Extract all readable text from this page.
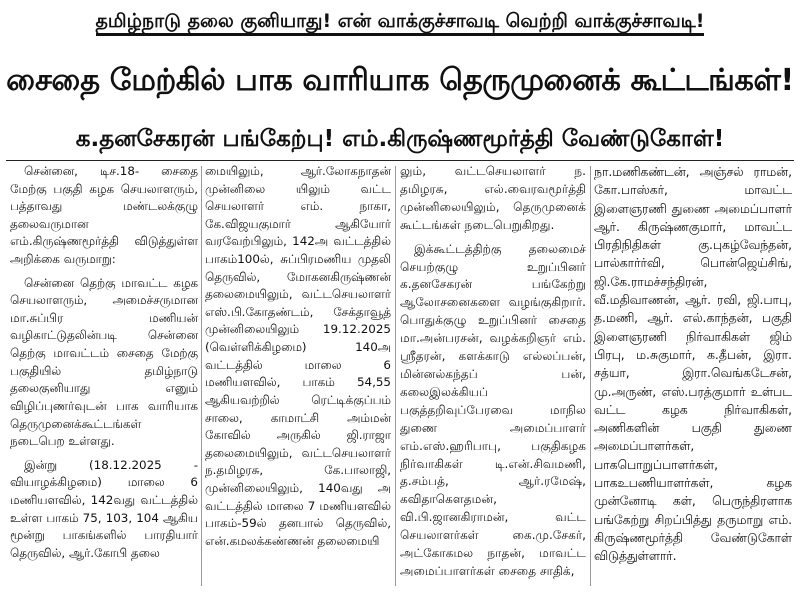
தமிழ்நாடு தலை குனியாது! என் வாக்குச்சாவடி வெற்றி வாக்குச்சாவடி!
சைதை மேற்கில் பாக வாரியாக தெருமுனைக் கூட்டங்கள்!
க.தனசேகரன் பங்கேற்பு! எம்.கிருஷ்ணமூர்த்தி வேண்டுகோள்!

சென்னை, டிச.18- சைதை மேற்கு பகுதி கழக செயலாளரும், பத்தாவது மண்டலக்குழு தலைவருமான எம்.கிருஷ்ணமூர்த்தி விடுத்துள்ள அறிக்கை வருமாறு:

சென்னை தெற்கு மாவட்ட கழக செயலாளரும், அமைச்சருமான மா.சுப்பிர மணியன் வழிகாட்டுதலின்படி சென்னை தெற்கு மாவட்டம் சைதை மேற்கு பகுதியில் தமிழ்நாடு தலைகுனியாது எனும் விழிப்புணர்வுடன் பாக வாரியாக தெருமுனைக்கூட்டங்கள் நடைபெற உள்ளது.

இன்று (18.12.2025 - வியாழக்கிழமை) மாலை 6 மணியளவில், 142வது வட்டத்தில் உள்ள பாகம் 75, 103, 104 ஆகிய மூன்று பாகங்களில் பாரதியார் தெருவில், ஆர்.கோபி தலை

மையிலும், ஆர்.லோகநாதன் முன்னிலை யிலும் வட்ட செயலாளர் எம். நாகா, கே.விஜயகுமார் ஆகியோர் வரவேற்பிலும், 142அ வட்டத்தில் பாகம்100ல், சுப்பிரமணிய முதலி தெருவில், மோகனகிருஷ்ணன் தலைமையிலும், வட்டசெயலாளர் எஸ்.பி.கோதண்டம், சேக்தாவூத் முன்னிலையிலும் 19.12.2025 (வெள்ளிக்கிழமை) 140அ வட்டத்தில் மாலை 6 மணியளவில், பாகம் 54,55 ஆகியவற்றில் ரெட்டிக்குப்பம் சாலை, காமாட்சி அம்மன் கோவில் அருகில் ஜி.ராஜா தலைமையிலும், வட்டசெயலாளர் ந.தமிழரசு, கே.பாலாஜி, முன்னிலையிலும், 140வது அ வட்டத்தில் மாலை 7 மணியளவில் பாகம்-59ல் தனபால் தெருவில், என்.கமலக்கண்ணன் தலைமையி

லும், வட்டசெயலாளர் ந. தமிழரசு, எல்.வைரவமூர்த்தி முன்னிலையிலும், தெருமுனைக் கூட்டங்கள் நடைபெறுகிறது.

இக்கூட்டத்திற்கு தலைமைச் செயற்குழு உறுப்பினர் க.தனசேகரன் பங்கேற்று ஆலோசனைகளை வழங்குகிறார். பொதுக்குழு உறுப்பினர் சைதை மா.அன்பரசன், வழக்கறிஞர் எம். ஸ்ரீதரன், களக்காடு எல்லப்பன், மின்னல்கந்தப் பன், கலைஇலக்கியப் பகுத்தறிவுப்பேரவை மாநில துணை அமைப்பாளர் எம்.எஸ்.ஹரிபாபு, பகுதிகழக நிர்வாகிகள் டி.என்.சிவமணி, த.சம்பத், ஆர்.ரமேஷ், கவிதாகௌதமன், வி.பி.ஜானகிராமன், வட்ட செயலாளர்கள் கை.மு.சேகர், அட்கோகமல நாதன், மாவட்ட அமைப்பாளர்கள் சைதை சாதிக்,

நா.மணிகண்டன், அஞ்சல் ராமன், கோ.பாஸ்கர், மாவட்ட இளைஞரணி துணை அமைப்பாளர் ஆர். கிருஷ்ணகுமார், மாவட்ட பிரதிநிதிகள் கு.புகழ்வேந்தன், பால்கார்ர்வி, பொன்ஜெய்சிங், ஜி.கே.ராமச்சந்திரன், வீ.மதிவாணன், ஆர். ரவி, ஜி.பாபு, த.மணி, ஆர். எல்.காந்தன், பகுதி இளைஞரணி நிர்வாகிகள் ஜிம் பிரபு, ம.சுகுமார், க.தீபன், இரா. சத்யா, இரா.வெங்கடேசன், மு.அருண், எஸ்.பரத்குமார் உள்பட வட்ட கழக நிர்வாகிகள், அணிகளின் பகுதி துணை அமைப்பாளர்கள், பாகபொறுப்பாளர்கள், பாகஉபணியாளர்கள், கழக முன்னோடி கள், பெருந்திரளாக பங்கேற்று சிறப்பித்து தருமாறு எம். கிருஷ்ணமூர்த்தி வேண்டுகோள் விடுத்துள்ளார்.
